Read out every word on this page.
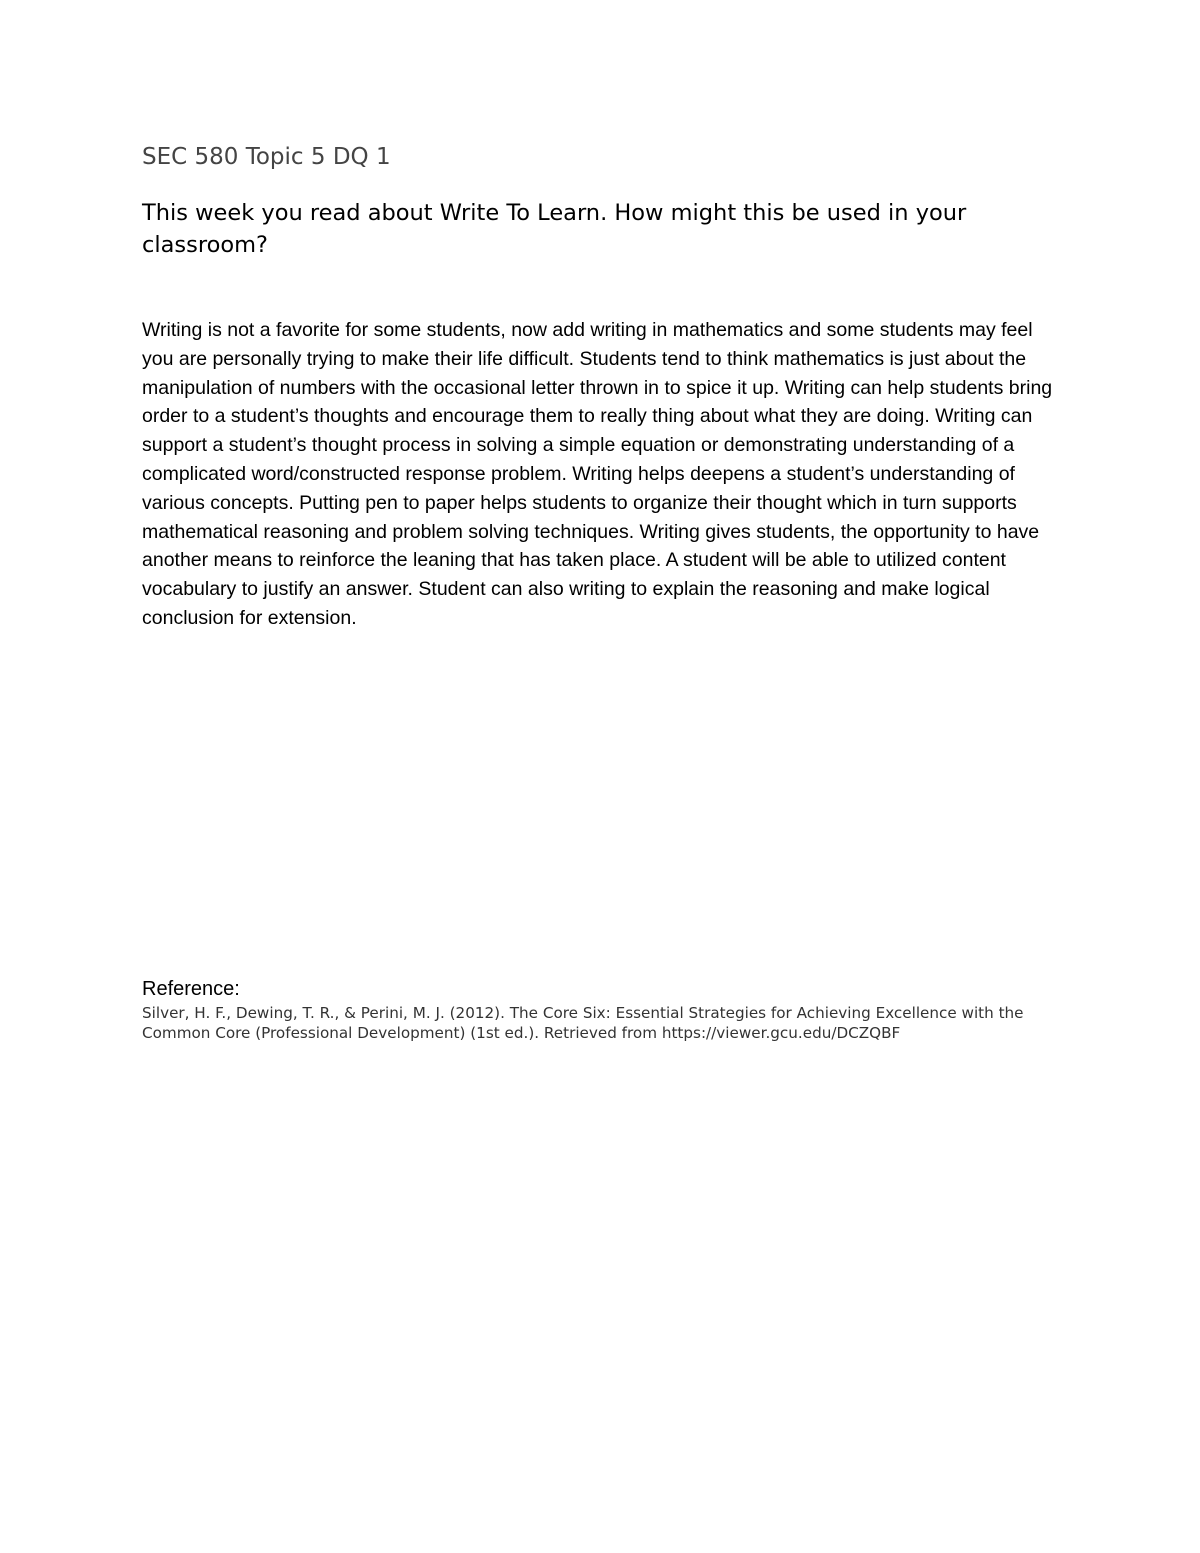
SEC 580 Topic 5 DQ 1
This week you read about Write To Learn. How might this be used in your classroom?
Writing is not a favorite for some students, now add writing in mathematics and some students may feel you are personally trying to make their life difficult. Students tend to think mathematics is just about the manipulation of numbers with the occasional letter thrown in to spice it up. Writing can help students bring order to a student’s thoughts and encourage them to really thing about what they are doing. Writing can support a student’s thought process in solving a simple equation or demonstrating understanding of a complicated word/constructed response problem. Writing helps deepens a student’s understanding of various concepts. Putting pen to paper helps students to organize their thought which in turn supports mathematical reasoning and problem solving techniques. Writing gives students, the opportunity to have another means to reinforce the leaning that has taken place. A student will be able to utilized content vocabulary to justify an answer. Student can also writing to explain the reasoning and make logical conclusion for extension.
Reference:
Silver, H. F., Dewing, T. R., & Perini, M. J. (2012). The Core Six: Essential Strategies for Achieving Excellence with the Common Core (Professional Development) (1st ed.). Retrieved from https://viewer.gcu.edu/DCZQBF
